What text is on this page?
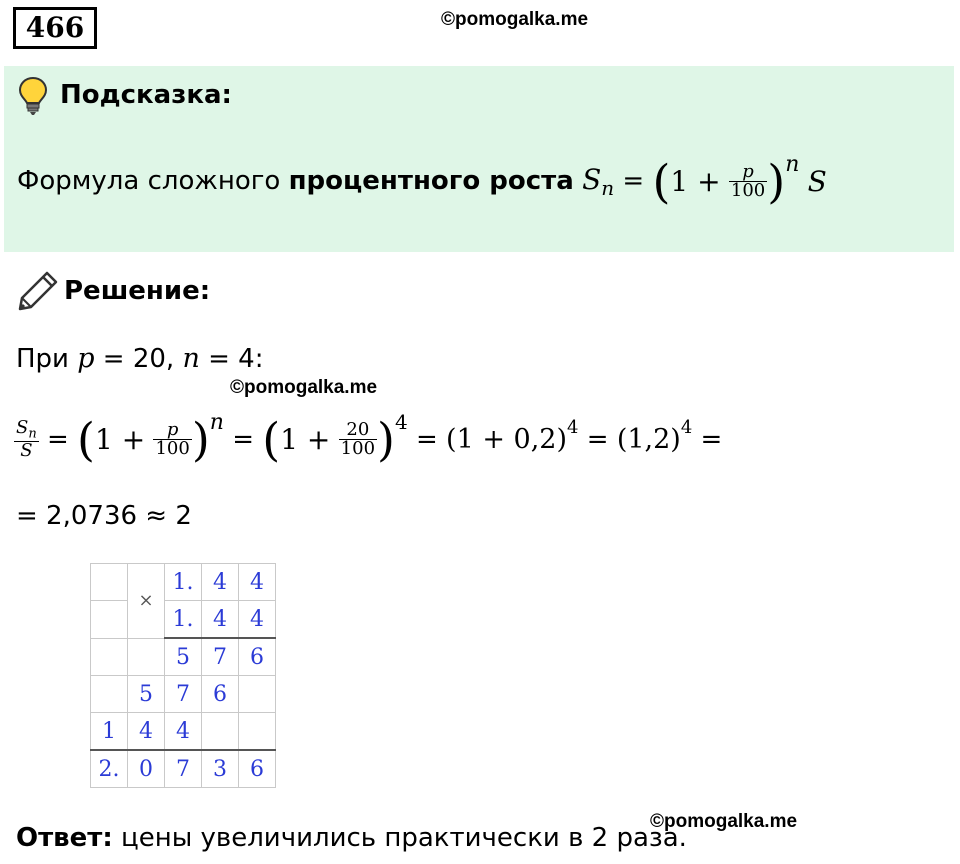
466	©pomogalka.me
Подсказка:
Формула сложного процентного роста $S_n = (1 + \frac{p}{100} )^n$ S
Решение:
При p = 20, n = 4:
©pomogalka.me
$\frac{S_n}{S} = (1 + \frac{p}{100} )^n = (1 + \frac{20}{100} )^4 = (1 + 0,2)^4 = (1,2)^4$ =
= 2,0736 ≈ 2
	×	1.	4	4
		1.	4	4
		5	7	6
	5	7	6	
1	4	4		
2.	0	7	3	6
©pomogalka.me
Ответ: цены увеличились практически в 2 раза.
